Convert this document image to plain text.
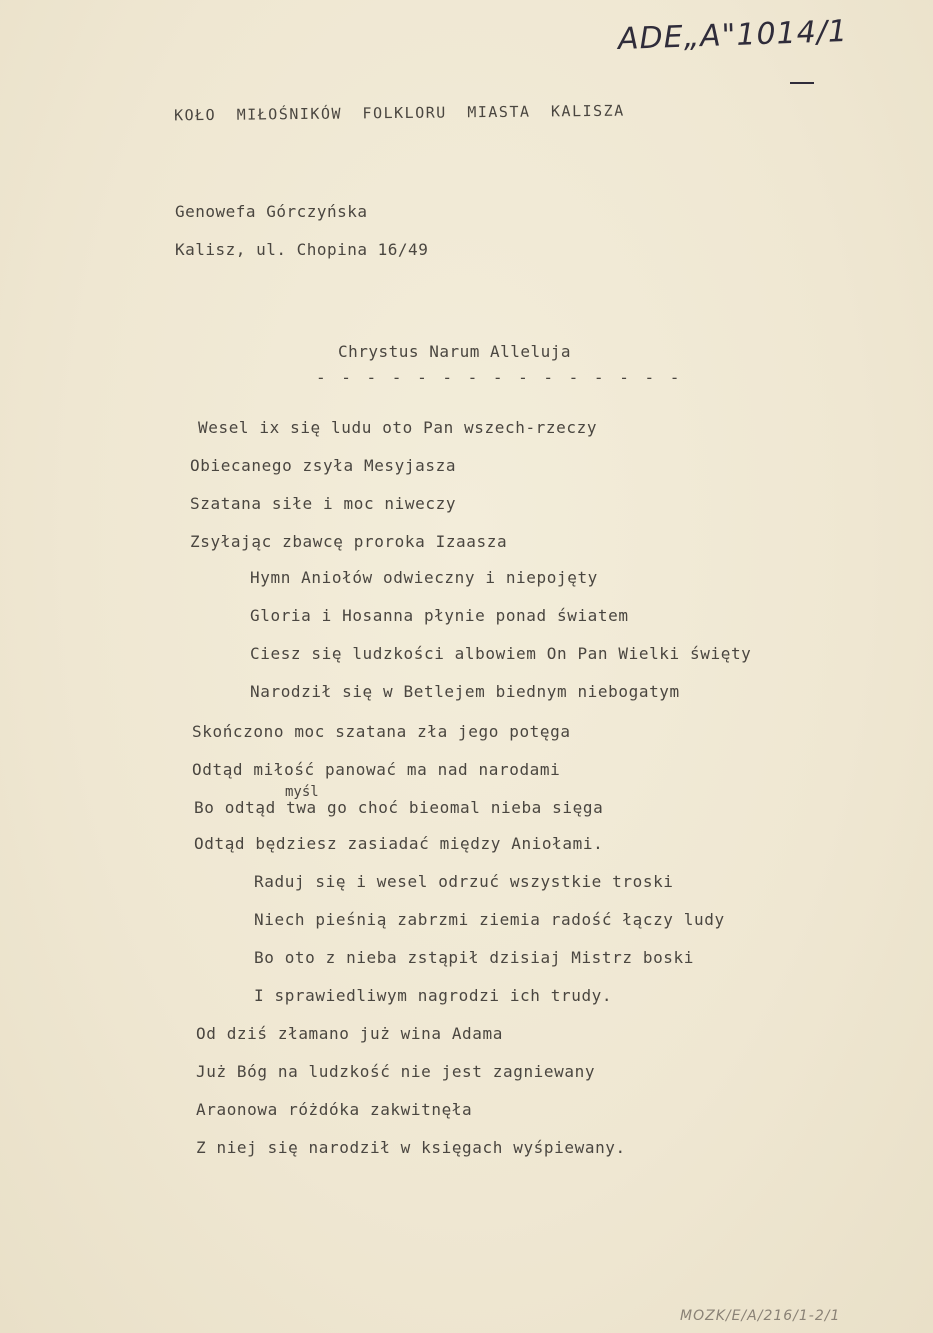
ADE„A"1014/1
KOŁO MIŁOŚNIKÓW FOLKLORU MIASTA KALISZA
Genowefa Górczyńska
Kalisz, ul. Chopina 16/49
Chrystus Narum Alleluja
- - - - - - - - - - - - - - -
Wesel ix się ludu oto Pan wszech-rzeczy
Obiecanego zsyła Mesyjasza
Szatana siłe i moc niweczy
Zsyłając zbawcę proroka Izaasza
Hymn Aniołów odwieczny i niepojęty
Gloria i Hosanna płynie ponad światem
Ciesz się ludzkości albowiem On Pan Wielki święty
Narodził się w Betlejem biednym niebogatym
Skończono moc szatana zła jego potęga
Odtąd miłość panować ma nad narodami
myśl
Bo odtąd twa go choć bieomal nieba sięga
Odtąd będziesz zasiadać między Aniołami.
Raduj się i wesel odrzuć wszystkie troski
Niech pieśnią zabrzmi ziemia radość łączy ludy
Bo oto z nieba zstąpił dzisiaj Mistrz boski
I sprawiedliwym nagrodzi ich trudy.
Od dziś złamano już wina Adama
Już Bóg na ludzkość nie jest zagniewany
Araonowa różdóka zakwitnęła
Z niej się narodził w księgach wyśpiewany.
MOZK/E/A/216/1-2/1
